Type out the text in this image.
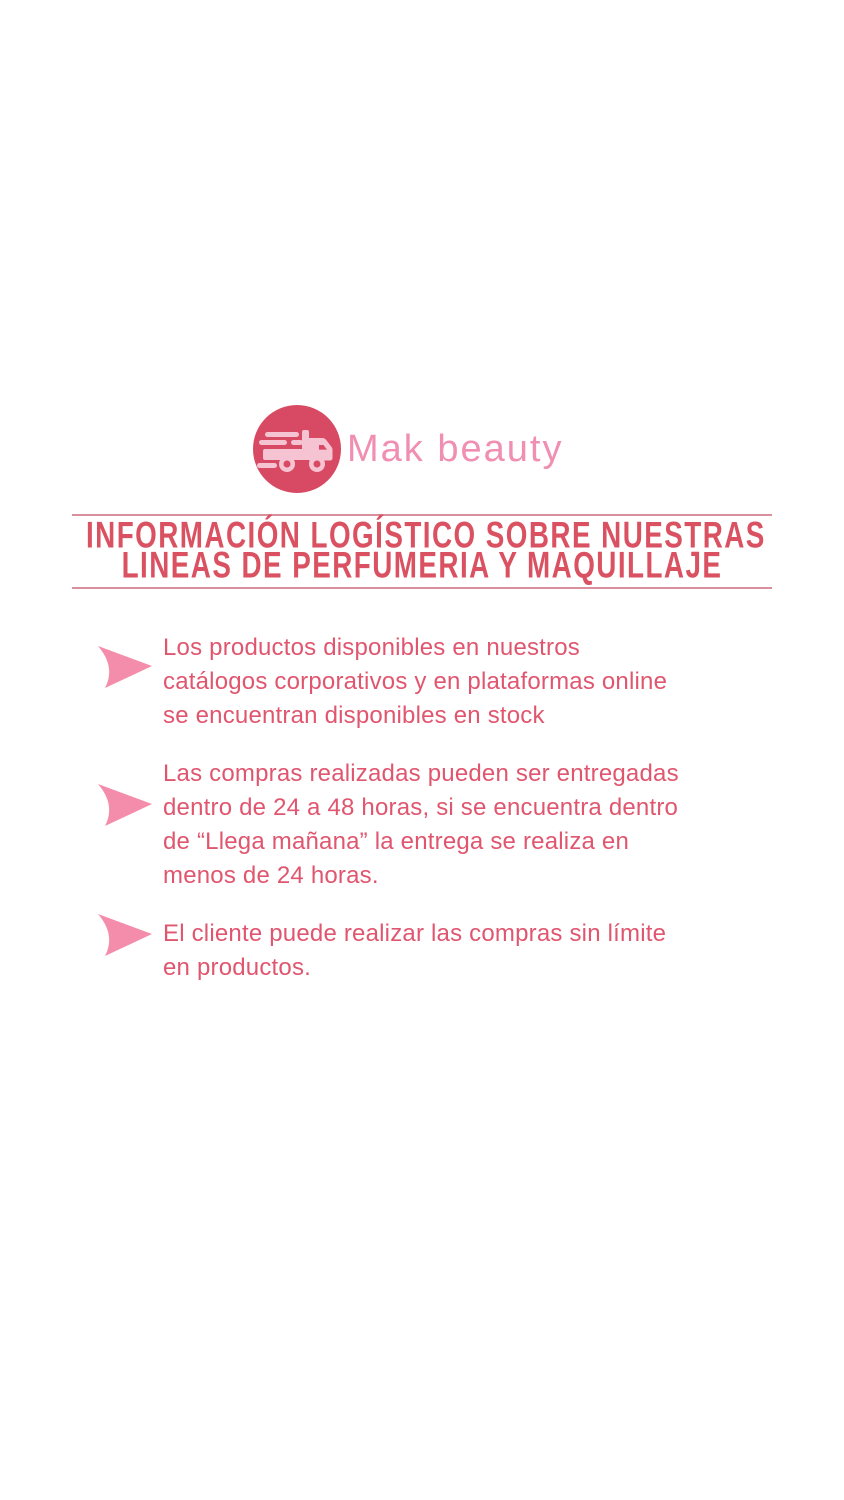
Mak beauty
INFORMACIÓN LOGÍSTICO SOBRE NUESTRAS
LINEAS DE PERFUMERIA Y MAQUILLAJE
Los productos disponibles en nuestros
catálogos corporativos y en plataformas online
se encuentran disponibles en stock
Las compras realizadas pueden ser entregadas
dentro de 24 a 48 horas, si se encuentra dentro
de “Llega mañana” la entrega se realiza en
menos de 24 horas.
El cliente puede realizar las compras sin límite
en productos.
